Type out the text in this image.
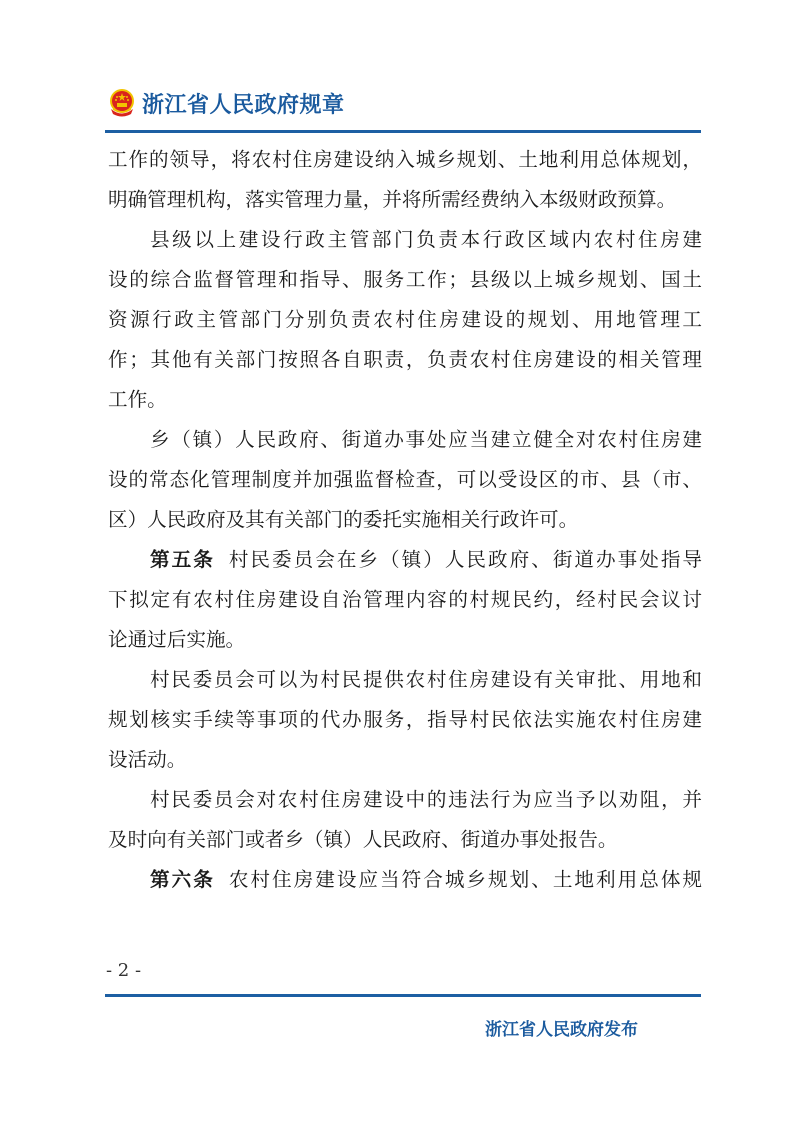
浙江省人民政府规章
工作的领导，将农村住房建设纳入城乡规划、土地利用总体规划，
明确管理机构，落实管理力量，并将所需经费纳入本级财政预算。
县级以上建设行政主管部门负责本行政区域内农村住房建
设的综合监督管理和指导、服务工作；县级以上城乡规划、国土
资源行政主管部门分别负责农村住房建设的规划、用地管理工
作；其他有关部门按照各自职责，负责农村住房建设的相关管理
工作。
乡（镇）人民政府、街道办事处应当建立健全对农村住房建
设的常态化管理制度并加强监督检查，可以受设区的市、县（市、
区）人民政府及其有关部门的委托实施相关行政许可。
第五条 村民委员会在乡（镇）人民政府、街道办事处指导
下拟定有农村住房建设自治管理内容的村规民约，经村民会议讨
论通过后实施。
村民委员会可以为村民提供农村住房建设有关审批、用地和
规划核实手续等事项的代办服务，指导村民依法实施农村住房建
设活动。
村民委员会对农村住房建设中的违法行为应当予以劝阻，并
及时向有关部门或者乡（镇）人民政府、街道办事处报告。
第六条 农村住房建设应当符合城乡规划、土地利用总体规
- 2 -
浙江省人民政府发布
